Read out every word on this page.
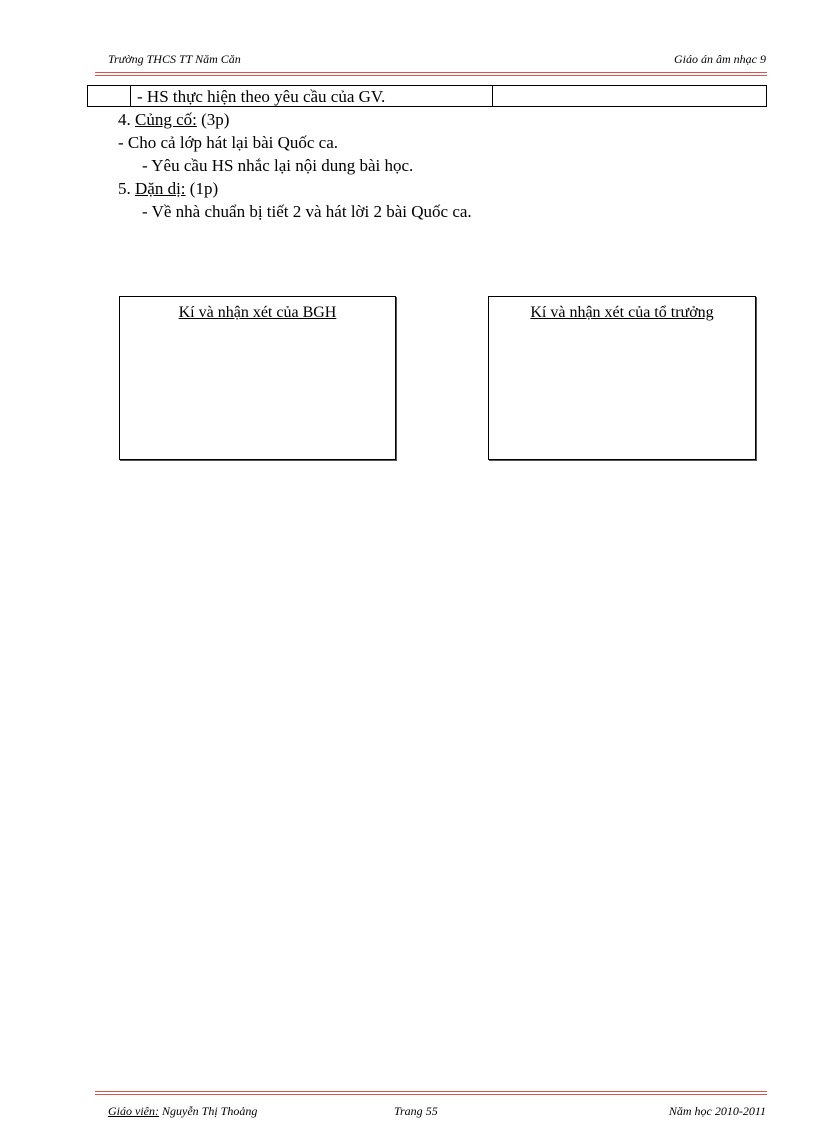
Trường THCS TT Năm Căn	Giáo án âm nhạc 9
- HS thực hiện theo yêu cầu của GV.
4. Củng cố: (3p)
- Cho cả lớp hát lại bài Quốc ca.
- Yêu cầu HS nhắc lại nội dung bài học.
5. Dặn dị: (1p)
- Về nhà chuẩn bị tiết 2 và hát lời 2 bài Quốc ca.
Kí và nhận xét của BGH	Kí và nhận xét của tổ trưởng
Giáo viên: Nguyễn Thị Thoảng	Trang 55	Năm học 2010-2011
